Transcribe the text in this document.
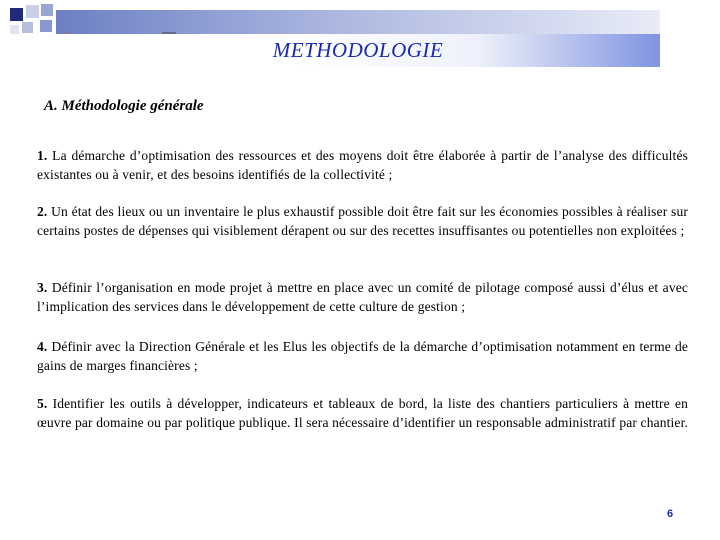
METHODOLOGIE
A. Méthodologie générale
1. La démarche d’optimisation des ressources et des moyens doit être élaborée à partir de l’analyse des difficultés existantes ou à venir, et des besoins identifiés de la collectivité ;
2. Un état des lieux ou un inventaire le plus exhaustif possible doit être fait sur les économies possibles à réaliser sur certains postes de dépenses qui visiblement dérapent ou sur des recettes insuffisantes ou potentielles non exploitées ;
3. Définir l’organisation en mode projet à mettre en place avec un comité de pilotage composé aussi d’élus et avec l’implication des services dans le développement de cette culture de gestion ;
4. Définir avec la Direction Générale et les Elus les objectifs de la démarche d’optimisation notamment en terme de gains de marges financières ;
5. Identifier les outils à développer, indicateurs et tableaux de bord, la liste des chantiers particuliers à mettre en œuvre par domaine ou par politique publique. Il sera nécessaire d’identifier un responsable administratif par chantier.
6
